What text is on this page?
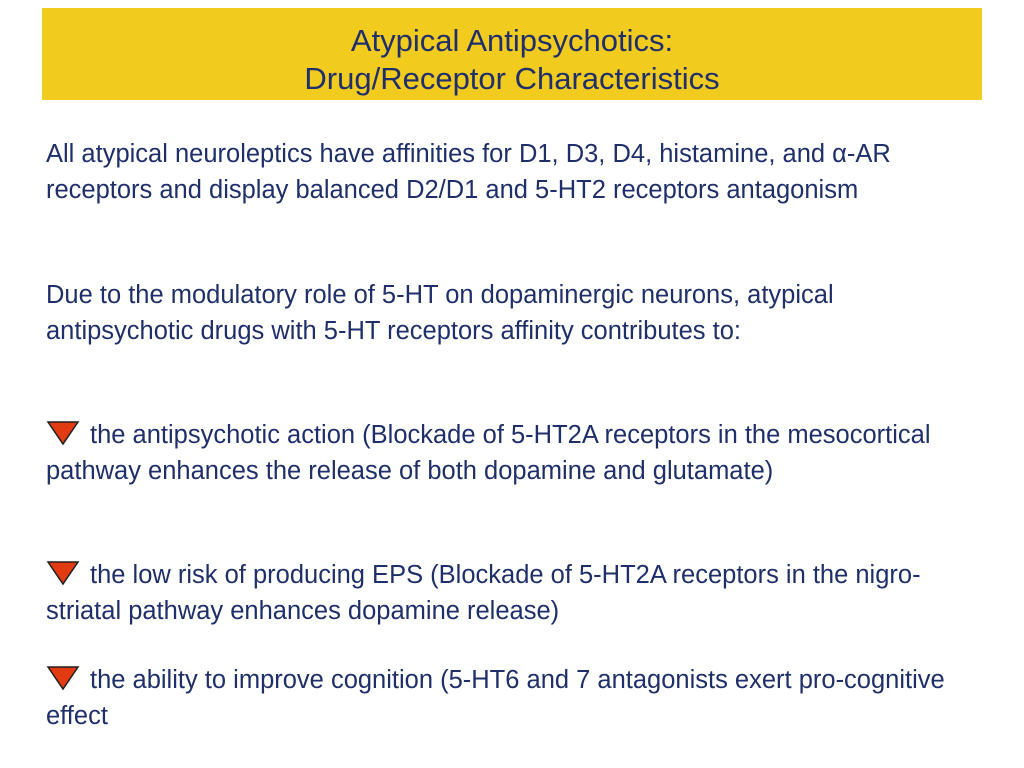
Atypical Antipsychotics:
Drug/Receptor Characteristics

All atypical neuroleptics have affinities for D1, D3, D4, histamine, and α-AR receptors and display balanced D2/D1 and 5-HT2 receptors antagonism

Due to the modulatory role of 5-HT on dopaminergic neurons, atypical antipsychotic drugs with 5-HT receptors affinity contributes to:

the antipsychotic action (Blockade of 5-HT2A receptors in the mesocortical pathway enhances the release of both dopamine and glutamate)

the low risk of producing EPS (Blockade of 5-HT2A receptors in the nigro-striatal pathway enhances dopamine release)

the ability to improve cognition (5-HT6 and 7 antagonists exert pro-cognitive effect
